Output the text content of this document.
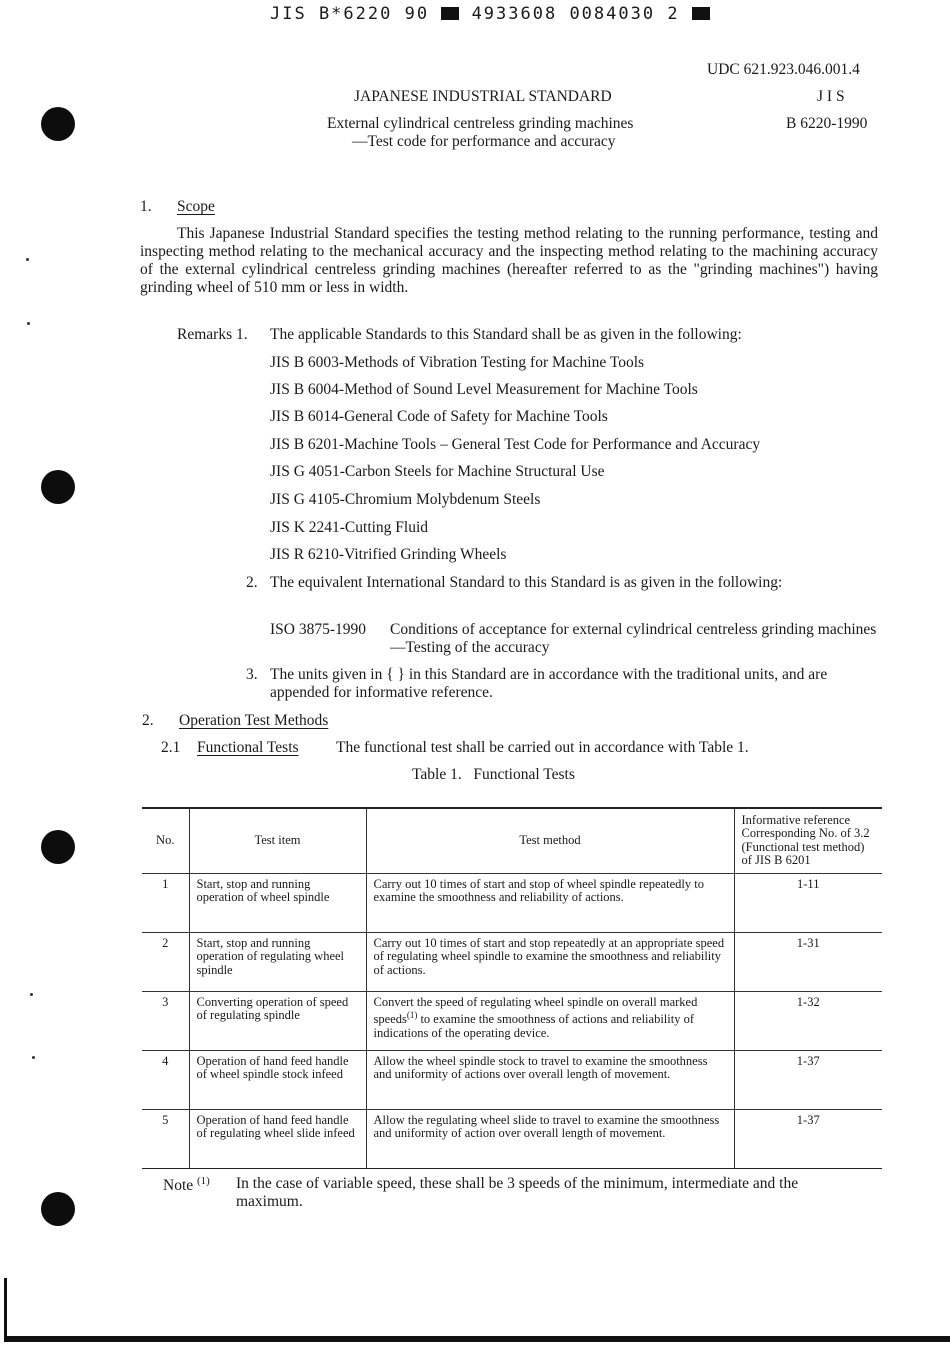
JIS B*6220 90	4933608 0084030 2
UDC 621.923.046.001.4
JAPANESE INDUSTRIAL STANDARD	J I S
External cylindrical centreless grinding machines	B 6220-1990
—Test code for performance and accuracy
1. Scope
This Japanese Industrial Standard specifies the testing method relating to the running performance, testing and inspecting method relating to the mechanical accuracy and the inspecting method relating to the machining accuracy of the external cylindrical centreless grinding machines (hereafter referred to as the "grinding machines") having grinding wheel of 510 mm or less in width.
Remarks 1. The applicable Standards to this Standard shall be as given in the following:
JIS B 6003-Methods of Vibration Testing for Machine Tools
JIS B 6004-Method of Sound Level Measurement for Machine Tools
JIS B 6014-General Code of Safety for Machine Tools
JIS B 6201-Machine Tools – General Test Code for Performance and Accuracy
JIS G 4051-Carbon Steels for Machine Structural Use
JIS G 4105-Chromium Molybdenum Steels
JIS K 2241-Cutting Fluid
JIS R 6210-Vitrified Grinding Wheels
2. The equivalent International Standard to this Standard is as given in the following:
ISO 3875-1990 Conditions of acceptance for external cylindrical centreless grinding machines—Testing of the accuracy
3. The units given in { } in this Standard are in accordance with the traditional units, and are appended for informative reference.
2. Operation Test Methods
2.1 Functional Tests The functional test shall be carried out in accordance with Table 1.
Table 1.   Functional Tests
No.	Test item	Test method	Informative reference Corresponding No. of 3.2 (Functional test method) of JIS B 6201
1	Start, stop and running operation of wheel spindle	Carry out 10 times of start and stop of wheel spindle repeatedly to examine the smoothness and reliability of actions.	1-11
2	Start, stop and running operation of regulating wheel spindle	Carry out 10 times of start and stop repeatedly at an appropriate speed of regulating wheel spindle to examine the smoothness and reliability of actions.	1-31
3	Converting operation of speed of regulating spindle	Convert the speed of regulating wheel spindle on overall marked speeds$^{(1)}$ to examine the smoothness of actions and reliability of indications of the operating device.	1-32
4	Operation of hand feed handle of wheel spindle stock infeed	Allow the wheel spindle stock to travel to examine the smoothness and uniformity of actions over overall length of movement.	1-37
5	Operation of hand feed handle of regulating wheel slide infeed	Allow the regulating wheel slide to travel to examine the smoothness and uniformity of action over overall length of movement.	1-37
Note $^{(1)}$ In the case of variable speed, these shall be 3 speeds of the minimum, intermediate and the maximum.
